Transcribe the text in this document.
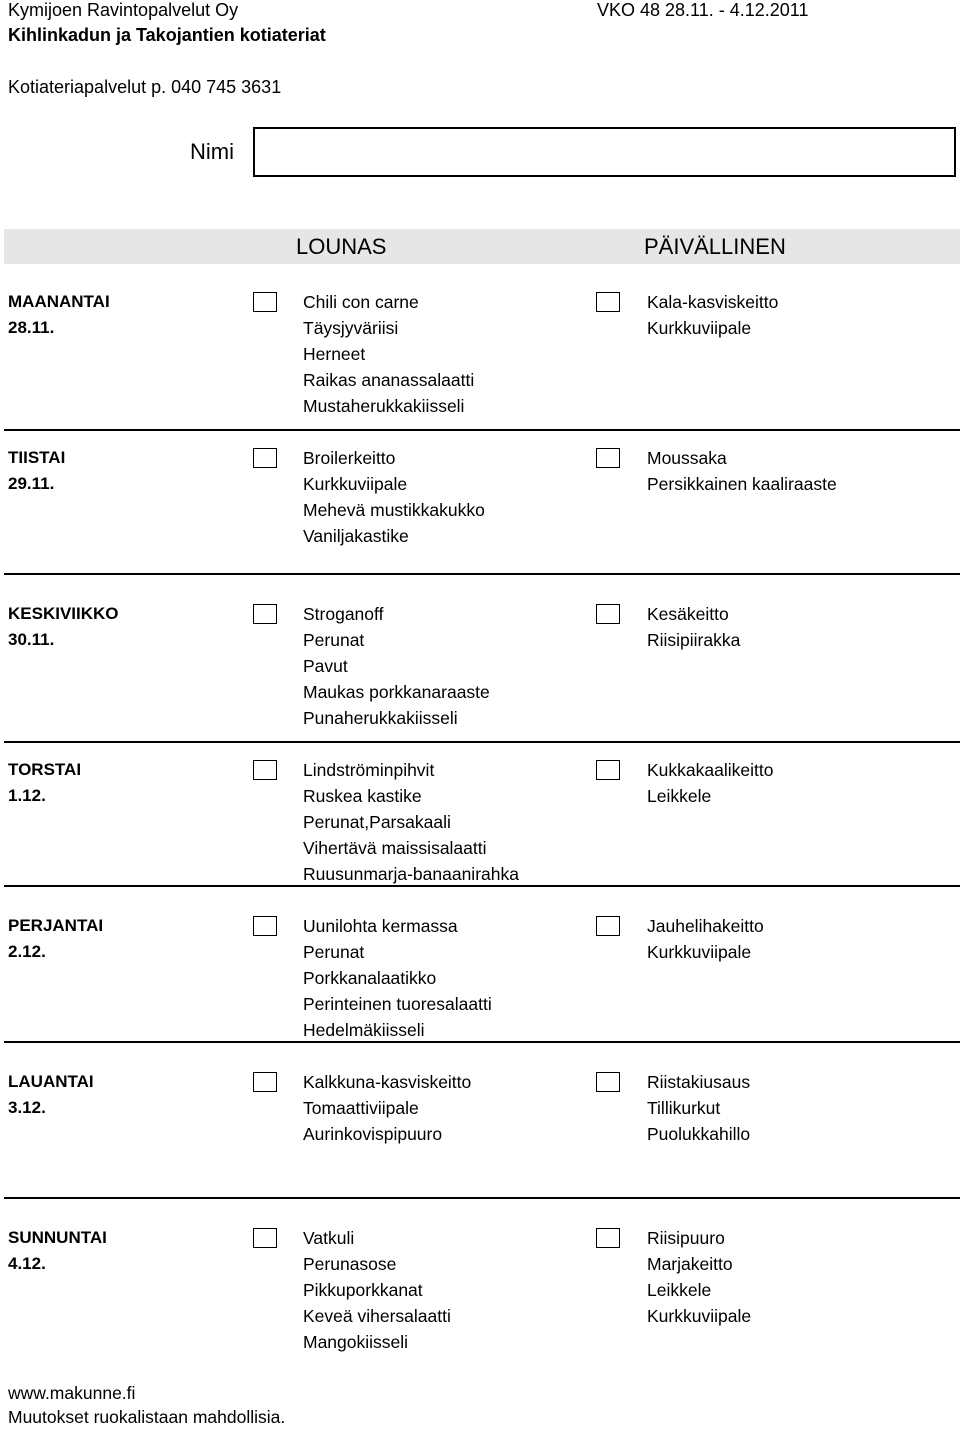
Kymijoen Ravintopalvelut Oy	VKO 48 28.11. - 4.12.2011
Kihlinkadun ja Takojantien kotiateriat
Kotiateriapalvelut p. 040 745 3631
Nimi
LOUNAS	PÄIVÄLLINEN
MAANANTAI
28.11.
Chili con carne
Täysjyväriisi
Herneet
Raikas ananassalaatti
Mustaherukkakiisseli
Kala-kasviskeitto
Kurkkuviipale
TIISTAI
29.11.
Broilerkeitto
Kurkkuviipale
Mehevä mustikkakukko
Vaniljakastike
Moussaka
Persikkainen kaaliraaste
KESKIVIIKKO
30.11.
Stroganoff
Perunat
Pavut
Maukas porkkanaraaste
Punaherukkakiisseli
Kesäkeitto
Riisipiirakka
TORSTAI
1.12.
Lindströminpihvit
Ruskea kastike
Perunat,Parsakaali
Vihertävä maissisalaatti
Ruusunmarja-banaanirahka
Kukkakaalikeitto
Leikkele
PERJANTAI
2.12.
Uunilohta kermassa
Perunat
Porkkanalaatikko
Perinteinen tuoresalaatti
Hedelmäkiisseli
Jauhelihakeitto
Kurkkuviipale
LAUANTAI
3.12.
Kalkkuna-kasviskeitto
Tomaattiviipale
Aurinkovispipuuro
Riistakiusaus
Tillikurkut
Puolukkahillo
SUNNUNTAI
4.12.
Vatkuli
Perunasose
Pikkuporkkanat
Keveä vihersalaatti
Mangokiisseli
Riisipuuro
Marjakeitto
Leikkele
Kurkkuviipale
www.makunne.fi
Muutokset ruokalistaan mahdollisia.
